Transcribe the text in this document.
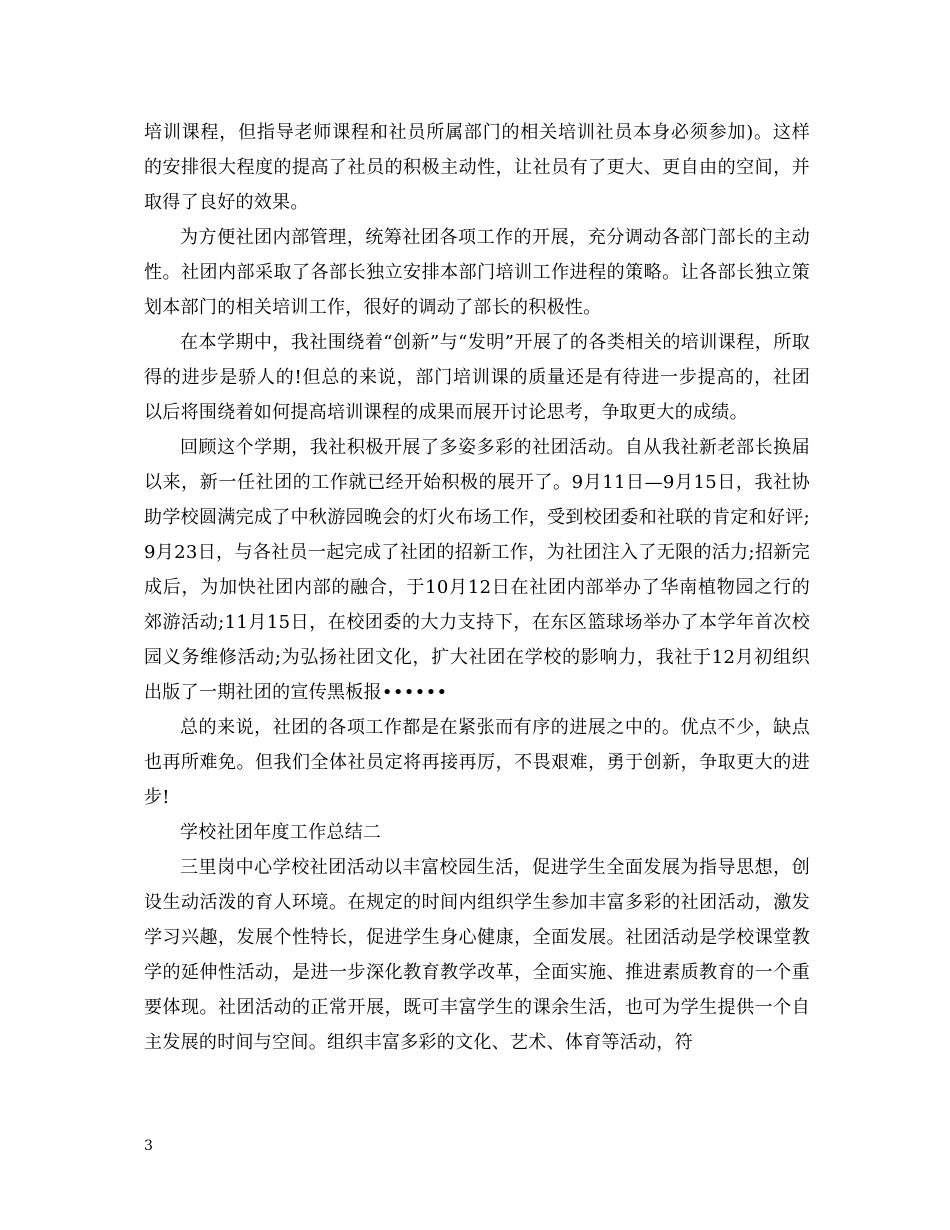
培训课程，但指导老师课程和社员所属部门的相关培训社员本身必须参加)。这样的安排很大程度的提高了社员的积极主动性，让社员有了更大、更自由的空间，并取得了良好的效果。

为方便社团内部管理，统筹社团各项工作的开展，充分调动各部门部长的主动性。社团内部采取了各部长独立安排本部门培训工作进程的策略。让各部长独立策划本部门的相关培训工作，很好的调动了部长的积极性。

在本学期中，我社围绕着“创新”与“发明”开展了的各类相关的培训课程，所取得的进步是骄人的!但总的来说，部门培训课的质量还是有待进一步提高的，社团以后将围绕着如何提高培训课程的成果而展开讨论思考，争取更大的成绩。

回顾这个学期，我社积极开展了多姿多彩的社团活动。自从我社新老部长换届以来，新一任社团的工作就已经开始积极的展开了。9月11日—9月15日，我社协助学校圆满完成了中秋游园晚会的灯火布场工作，受到校团委和社联的肯定和好评;9月23日，与各社员一起完成了社团的招新工作，为社团注入了无限的活力;招新完成后，为加快社团内部的融合，于10月12日在社团内部举办了华南植物园之行的郊游活动;11月15日，在校团委的大力支持下，在东区篮球场举办了本学年首次校园义务维修活动;为弘扬社团文化，扩大社团在学校的影响力，我社于12月初组织出版了一期社团的宣传黑板报••••••

总的来说，社团的各项工作都是在紧张而有序的进展之中的。优点不少，缺点也再所难免。但我们全体社员定将再接再厉，不畏艰难，勇于创新，争取更大的进步!

学校社团年度工作总结二

三里岗中心学校社团活动以丰富校园生活，促进学生全面发展为指导思想，创设生动活泼的育人环境。在规定的时间内组织学生参加丰富多彩的社团活动，激发学习兴趣，发展个性特长，促进学生身心健康，全面发展。社团活动是学校课堂教学的延伸性活动，是进一步深化教育教学改革，全面实施、推进素质教育的一个重要体现。社团活动的正常开展，既可丰富学生的课余生活，也可为学生提供一个自主发展的时间与空间。组织丰富多彩的文化、艺术、体育等活动，符

3
